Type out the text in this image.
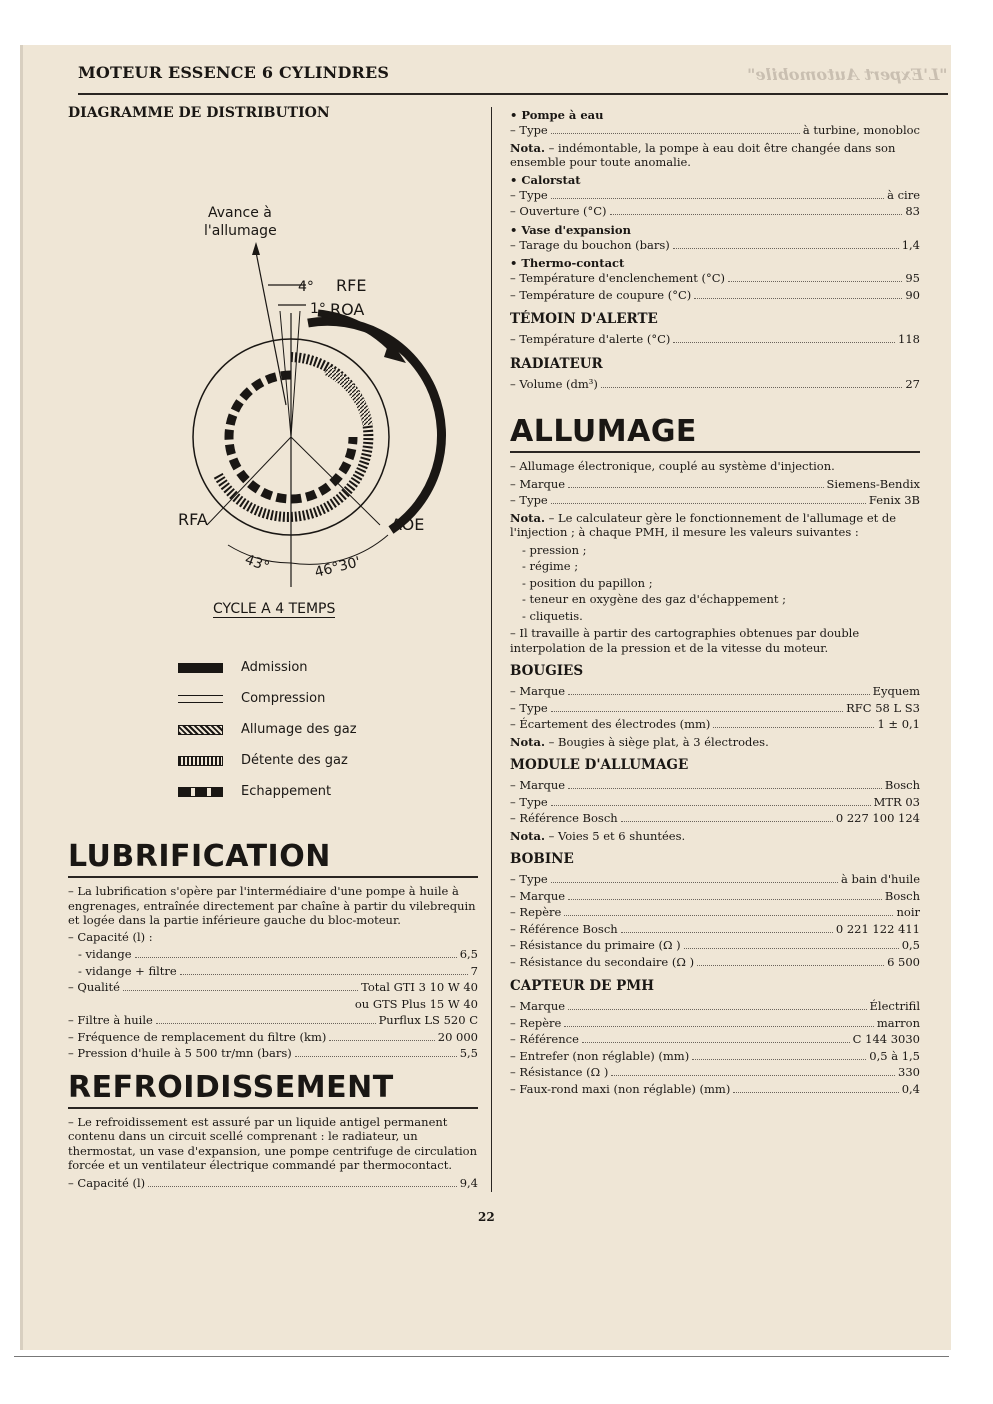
MOTEUR ESSENCE 6 CYLINDRES	"L'Expert Automobile"
DIAGRAMME DE DISTRIBUTION
Avance à
l'allumage
4° RFE
1° ROA
RFA	AOE
43°	46°30'
CYCLE A 4 TEMPS
Admission
Compression
Allumage des gaz
Détente des gaz
Echappement
LUBRIFICATION
– La lubrification s'opère par l'intermédiaire d'une pompe à huile à engrenages, entraînée directement par chaîne à partir du vilebrequin et logée dans la partie inférieure gauche du bloc-moteur.
– Capacité (l) :
- vidange	6,5
- vidange + filtre	7
– Qualité	Total GTI 3 10 W 40
ou GTS Plus 15 W 40
– Filtre à huile	Purflux LS 520 C
– Fréquence de remplacement du filtre (km)	20 000
– Pression d'huile à 5 500 tr/mn (bars)	5,5
REFROIDISSEMENT
– Le refroidissement est assuré par un liquide antigel permanent contenu dans un circuit scellé comprenant : le radiateur, un thermostat, un vase d'expansion, une pompe centrifuge de circulation forcée et un ventilateur électrique commandé par thermocontact.
– Capacité (l)	9,4
• Pompe à eau
– Type	à turbine, monobloc
Nota. – indémontable, la pompe à eau doit être changée dans son ensemble pour toute anomalie.
• Calorstat
– Type	à cire
– Ouverture (°C)	83
• Vase d'expansion
– Tarage du bouchon (bars)	1,4
• Thermo-contact
– Température d'enclenchement (°C)	95
– Température de coupure (°C)	90
TÉMOIN D'ALERTE
– Température d'alerte (°C)	118
RADIATEUR
– Volume (dm³)	27
ALLUMAGE
– Allumage électronique, couplé au système d'injection.
– Marque	Siemens-Bendix
– Type	Fenix 3B
Nota. – Le calculateur gère le fonctionnement de l'allumage et de l'injection ; à chaque PMH, il mesure les valeurs suivantes :
- pression ;
- régime ;
- position du papillon ;
- teneur en oxygène des gaz d'échappement ;
- cliquetis.
– Il travaille à partir des cartographies obtenues par double interpolation de la pression et de la vitesse du moteur.
BOUGIES
– Marque	Eyquem
– Type	RFC 58 L S3
– Écartement des électrodes (mm)	1 ± 0,1
Nota. – Bougies à siège plat, à 3 électrodes.
MODULE D'ALLUMAGE
– Marque	Bosch
– Type	MTR 03
– Référence Bosch	0 227 100 124
Nota. – Voies 5 et 6 shuntées.
BOBINE
– Type	à bain d'huile
– Marque	Bosch
– Repère	noir
– Référence Bosch	0 221 122 411
– Résistance du primaire (Ω )	0,5
– Résistance du secondaire (Ω )	6 500
CAPTEUR DE PMH
– Marque	Électrifil
– Repère	marron
– Référence	C 144 3030
– Entrefer (non réglable) (mm)	0,5 à 1,5
– Résistance (Ω )	330
– Faux-rond maxi (non réglable) (mm)	0,4
22
